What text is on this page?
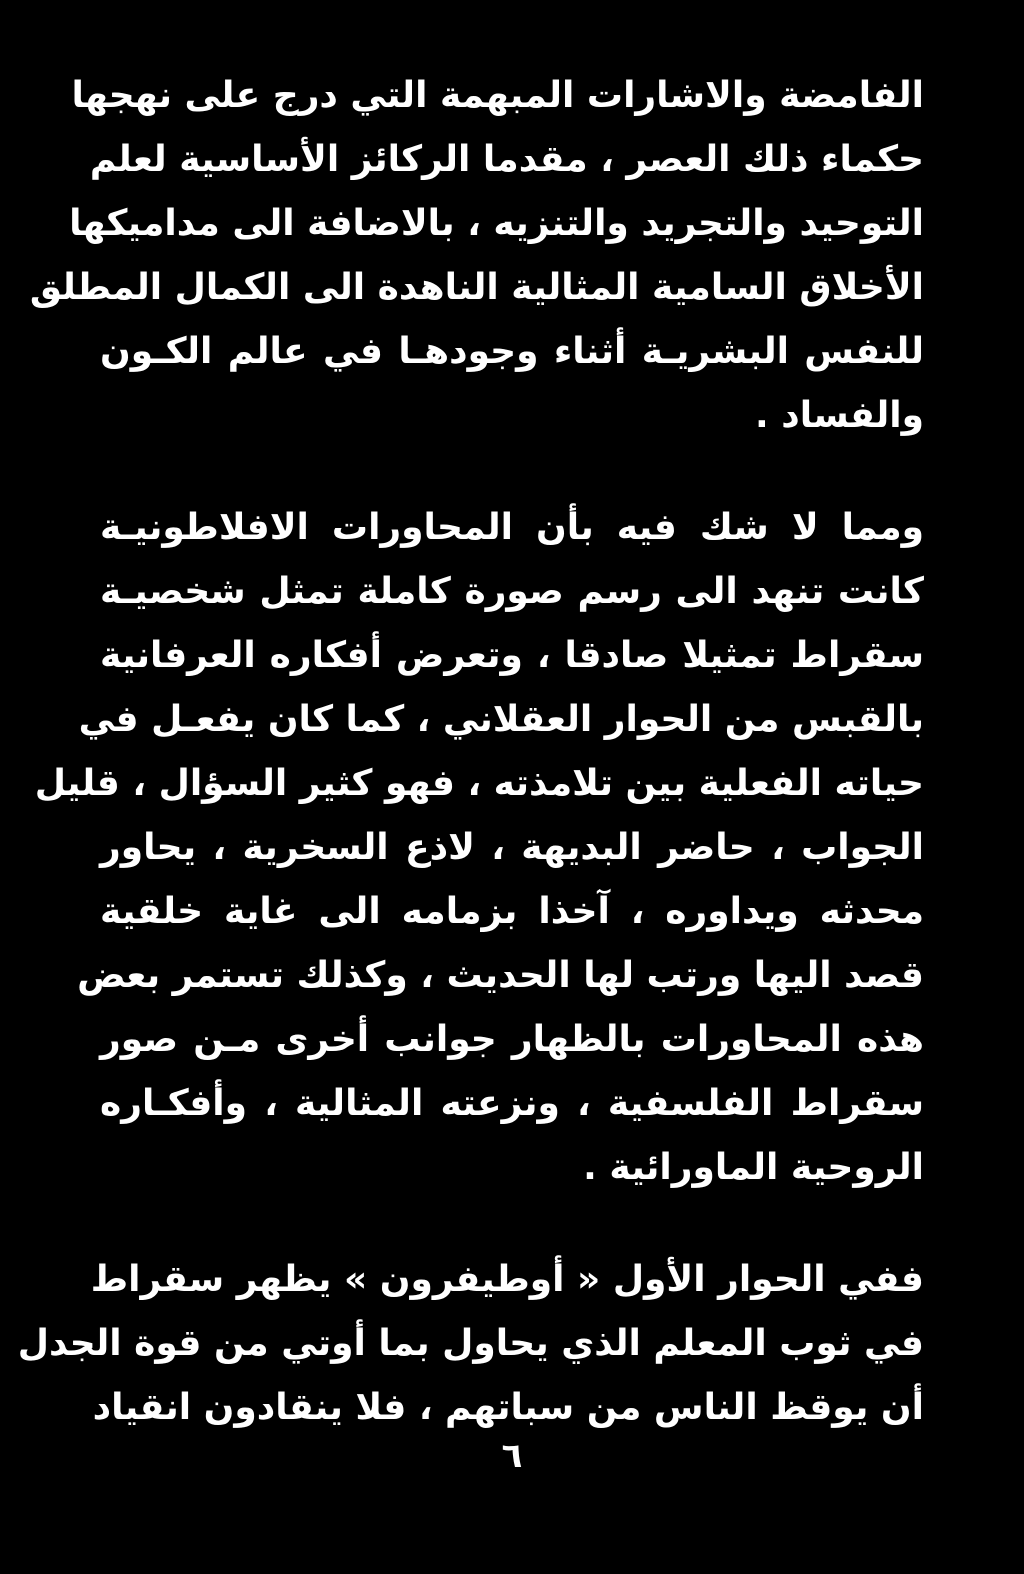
الفامضة والاشارات المبهمة التي درج على نهجها
حكماء ذلك العصر ، مقدما الركائز الأساسية لعلم
التوحيد والتجريد والتنزيه ، بالاضافة الى مداميكها
الأخلاق السامية المثالية الناهدة الى الكمال المطلق
للنفس البشريـة أثناء وجودهـا في عالم الكـون
والفساد .

ومما لا شك فيه بأن المحاورات الافلاطونيـة
كانت تنهد الى رسم صورة كاملة تمثل شخصيـة
سقراط تمثيلا صادقا ، وتعرض أفكاره العرفانية
بالقبس من الحوار العقلاني ، كما كان يفعـل في
حياته الفعلية بين تلامذته ، فهو كثير السؤال ، قليل
الجواب ، حاضر البديهة ، لاذع السخرية ، يحاور
محدثه ويداوره ، آخذا بزمامه الى غاية خلقية
قصد اليها ورتب لها الحديث ، وكذلك تستمر بعض
هذه المحاورات بالظهار جوانب أخرى مـن صور
سقراط الفلسفية ، ونزعته المثالية ، وأفكـاره
الروحية الماورائية .

ففي الحوار الأول « أوطيفرون » يظهر سقراط
في ثوب المعلم الذي يحاول بما أوتي من قوة الجدل
أن يوقظ الناس من سباتهم ، فلا ينقادون انقياد

٦
